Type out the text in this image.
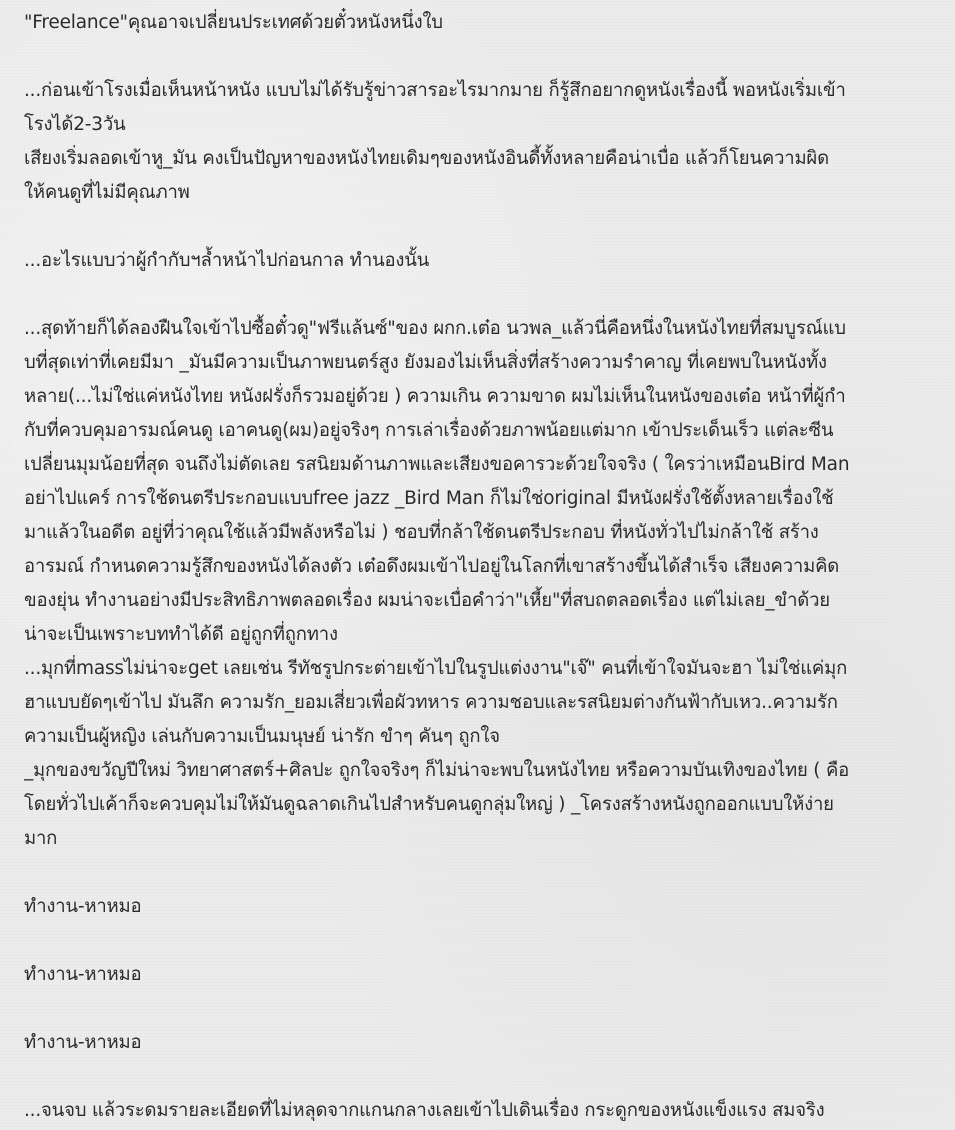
"Freelance"คุณอาจเปลี่ยนประเทศด้วยตั๋วหนังหนึ่งใบ
...ก่อนเข้าโรงเมื่อเห็นหน้าหนัง แบบไม่ได้รับรู้ข่าวสารอะไรมากมาย ก็รู้สึกอยากดูหนังเรื่องนี้ พอหนังเริ่มเข้า
โรงได้2-3วัน
เสียงเริ่มลอดเข้าหู_มัน คงเป็นปัญหาของหนังไทยเดิมๆของหนังอินดี้ทั้งหลายคือน่าเบื่อ แล้วก็โยนความผิด
ให้คนดูที่ไม่มีคุณภาพ
...อะไรแบบว่าผู้กำกับฯล้ำหน้าไปก่อนกาล ทำนองนั้น
...สุดท้ายก็ได้ลองฝืนใจเข้าไปซื้อตั๋วดู"ฟรีแล้นซ์"ของ ผกก.เต๋อ นวพล_แล้วนี่คือหนึ่งในหนังไทยที่สมบูรณ์แบ
บที่สุดเท่าที่เคยมีมา _มันมีความเป็นภาพยนตร์สูง ยังมองไม่เห็นสิ่งที่สร้างความรำคาญ ที่เคยพบในหนังทั้ง
หลาย(...ไม่ใช่แค่หนังไทย หนังฝรั่งก็รวมอยู่ด้วย ) ความเกิน ความขาด ผมไม่เห็นในหนังของเต๋อ หน้าที่ผู้กำ
กับที่ควบคุมอารมณ์คนดู เอาคนดู(ผม)อยู่จริงๆ การเล่าเรื่องด้วยภาพน้อยแต่มาก เข้าประเด็นเร็ว แต่ละซีน
เปลี่ยนมุมน้อยที่สุด จนถึงไม่ตัดเลย รสนิยมด้านภาพและเสียงขอคารวะด้วยใจจริง ( ใครว่าเหมือนBird Man
อย่าไปแคร์ การใช้ดนตรีประกอบแบบfree jazz _Bird Man ก็ไม่ใช่original มีหนังฝรั่งใช้ตั้งหลายเรื่องใช้
มาแล้วในอดีต อยู่ที่ว่าคุณใช้แล้วมีพลังหรือไม่ ) ชอบที่กล้าใช้ดนตรีประกอบ ที่หนังทั่วไปไม่กล้าใช้ สร้าง
อารมณ์ กำหนดความรู้สึกของหนังได้ลงตัว เต๋อดึงผมเข้าไปอยู่ในโลกที่เขาสร้างขึ้นได้สำเร็จ เสียงความคิด
ของยุ่น ทำงานอย่างมีประสิทธิภาพตลอดเรื่อง ผมน่าจะเบื่อคำว่า"เหี้ย"ที่สบถตลอดเรื่อง แต่ไม่เลย_ขำด้วย
น่าจะเป็นเพราะบททำได้ดี อยู่ถูกที่ถูกทาง
...มุกที่massไม่น่าจะget เลยเช่น รีทัชรูปกระต่ายเข้าไปในรูปแต่งงาน"เจ๊" คนที่เข้าใจมันจะฮา ไม่ใช่แค่มุก
ฮาแบบยัดๆเข้าไป มันลึก ความรัก_ยอมเสี่ยวเพื่อผัวทหาร ความชอบและรสนิยมต่างกันฟ้ากับเหว..ความรัก
ความเป็นผู้หญิง เล่นกับความเป็นมนุษย์ น่ารัก ขำๆ คันๆ ถูกใจ
_มุกของขวัญปีใหม่ วิทยาศาสตร์+ศิลปะ ถูกใจจริงๆ ก็ไม่น่าจะพบในหนังไทย หรือความบันเทิงของไทย ( คือ
โดยทั่วไปเค้าก็จะควบคุมไม่ให้มันดูฉลาดเกินไปสำหรับคนดูกลุ่มใหญ่ ) _โครงสร้างหนังถูกออกแบบให้ง่าย
มาก
ทำงาน-หาหมอ
ทำงาน-หาหมอ
ทำงาน-หาหมอ
...จนจบ แล้วระดมรายละเอียดที่ไม่หลุดจากแกนกลางเลยเข้าไปเดินเรื่อง กระดูกของหนังแข็งแรง สมจริง
